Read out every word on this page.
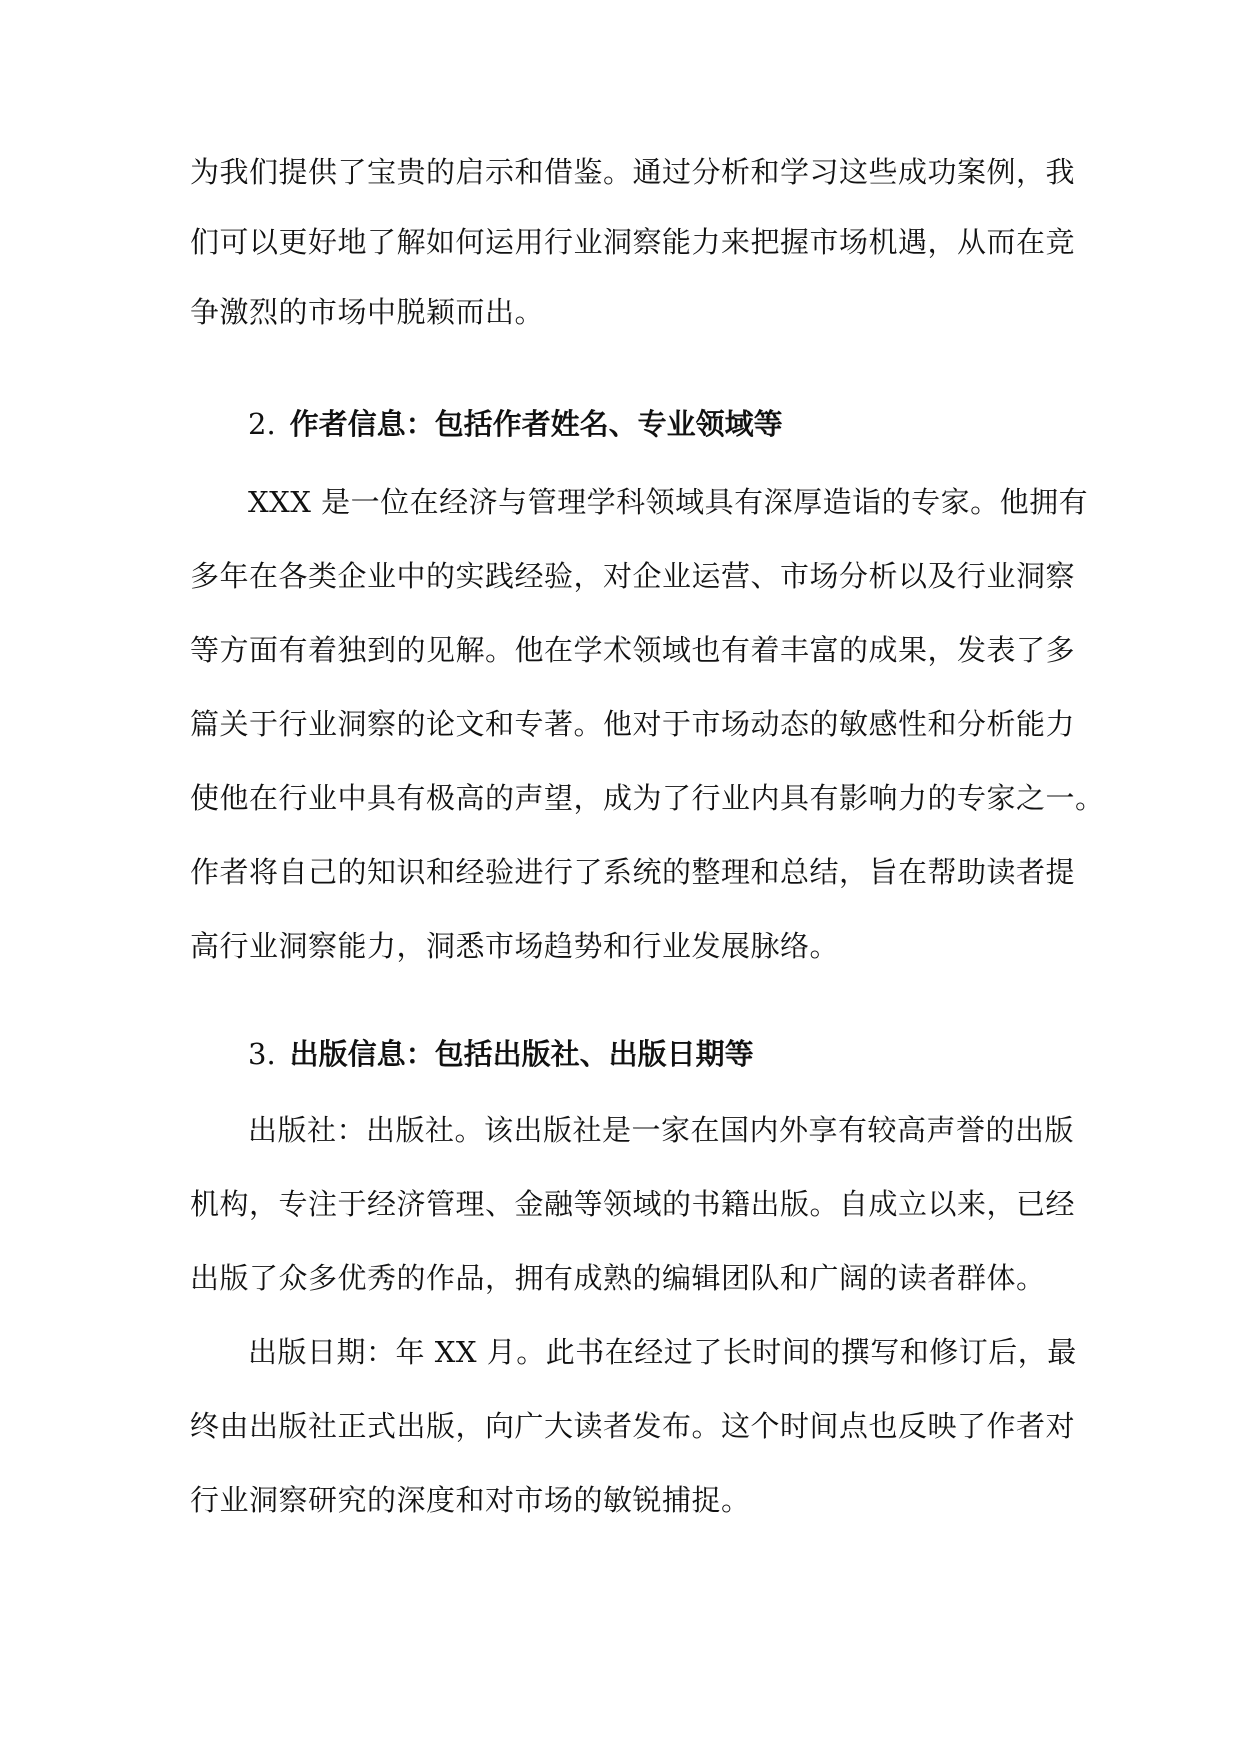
为我们提供了宝贵的启示和借鉴。通过分析和学习这些成功案例，我
们可以更好地了解如何运用行业洞察能力来把握市场机遇，从而在竞
争激烈的市场中脱颖而出。
2. 作者信息：包括作者姓名、专业领域等
XXX 是一位在经济与管理学科领域具有深厚造诣的专家。他拥有
多年在各类企业中的实践经验，对企业运营、市场分析以及行业洞察
等方面有着独到的见解。他在学术领域也有着丰富的成果，发表了多
篇关于行业洞察的论文和专著。他对于市场动态的敏感性和分析能力
使他在行业中具有极高的声望，成为了行业内具有影响力的专家之一。
作者将自己的知识和经验进行了系统的整理和总结，旨在帮助读者提
高行业洞察能力，洞悉市场趋势和行业发展脉络。
3. 出版信息：包括出版社、出版日期等
出版社：出版社。该出版社是一家在国内外享有较高声誉的出版
机构，专注于经济管理、金融等领域的书籍出版。自成立以来，已经
出版了众多优秀的作品，拥有成熟的编辑团队和广阔的读者群体。
出版日期：年 XX 月。此书在经过了长时间的撰写和修订后，最
终由出版社正式出版，向广大读者发布。这个时间点也反映了作者对
行业洞察研究的深度和对市场的敏锐捕捉。
